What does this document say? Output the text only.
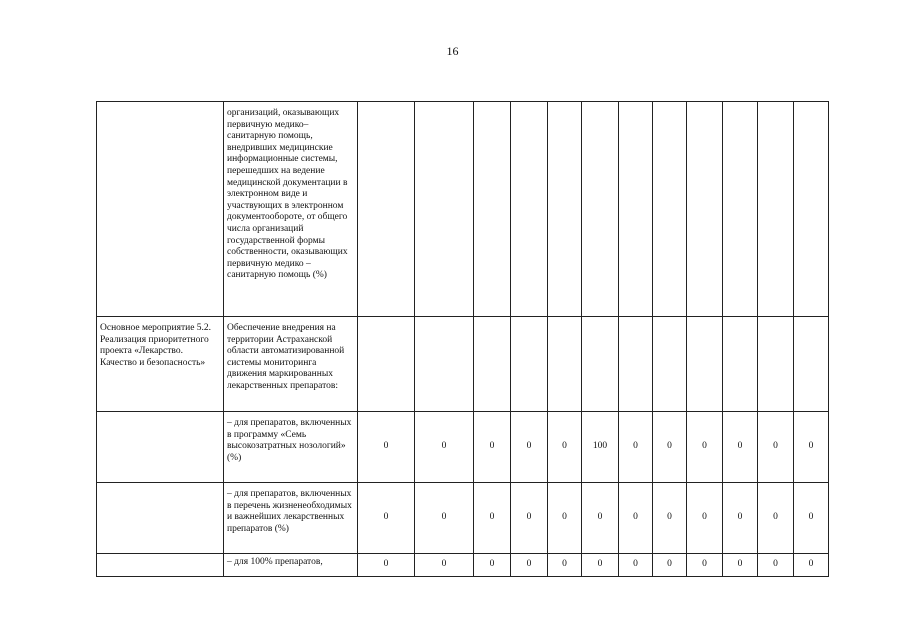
16
	организаций, оказывающих первичную медико–санитарную помощь, внедривших медицинские информационные системы, перешедших на ведение медицинской документации в электронном виде и участвующих в электронном документообороте, от общего числа организаций государственной формы собственности, оказывающих первичную медико – санитарную помощь (%)												
Основное мероприятие 5.2. Реализация приоритетного проекта «Лекарство. Качество и безопасность»	Обеспечение внедрения на территории Астраханской области автоматизированной системы мониторинга движения маркированных лекарственных препаратов:												
	– для препаратов, включенных в программу «Семь высокозатратных нозологий» (%)	0	0	0	0	0	100	0	0	0	0	0	0
	– для препаратов, включенных в перечень жизненеобходимых и важнейших лекарственных препаратов (%)	0	0	0	0	0	0	0	0	0	0	0	0
	– для 100% препаратов,	0	0	0	0	0	0	0	0	0	0	0	0
